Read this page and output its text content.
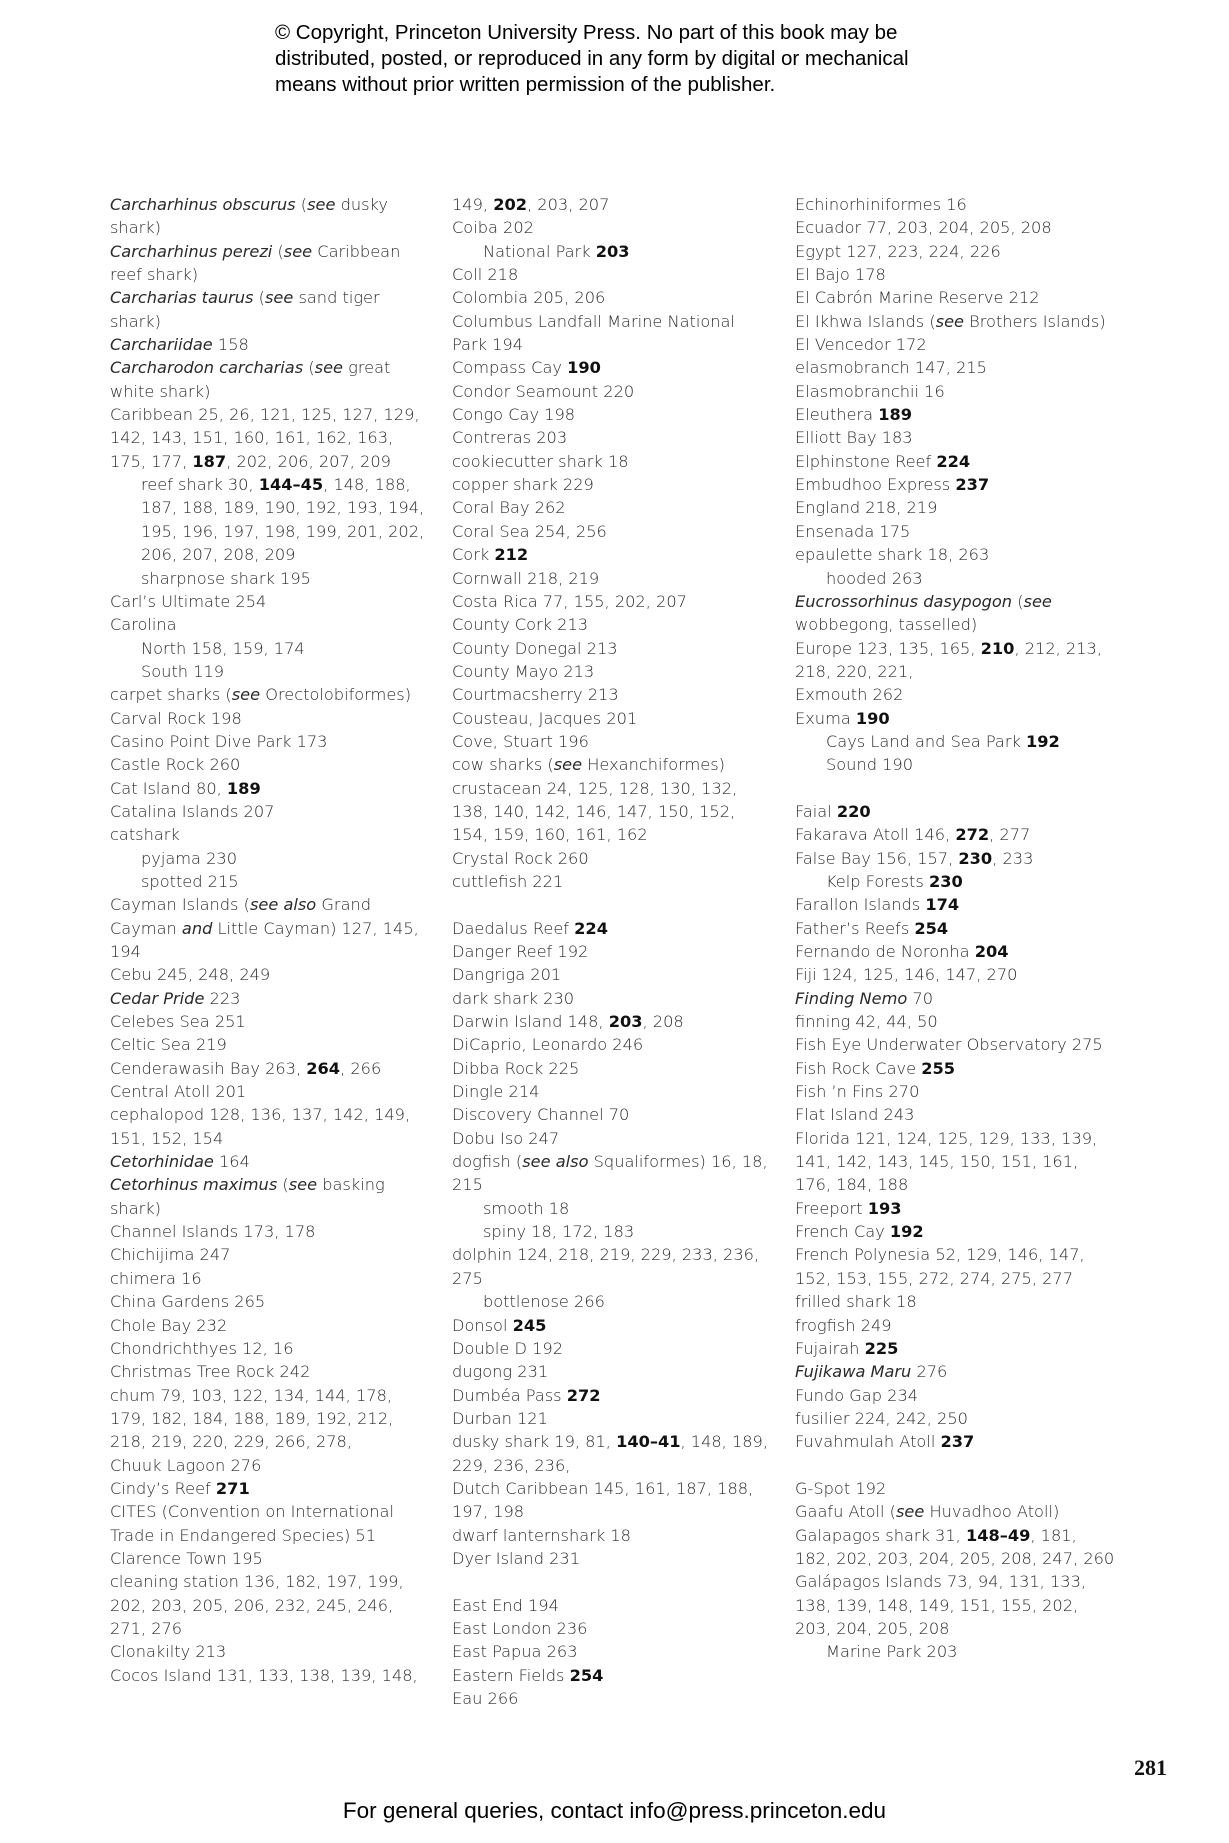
© Copyright, Princeton University Press. No part of this book may be
distributed, posted, or reproduced in any form by digital or mechanical
means without prior written permission of the publisher.
Carcharhinus obscurus (see dusky shark)
Carcharhinus perezi (see Caribbean reef shark)
Carcharias taurus (see sand tiger shark)
Carchariidae 158
Carcharodon carcharias (see great white shark)
Caribbean 25, 26, 121, 125, 127, 129, 142, 143, 151, 160, 161, 162, 163, 175, 177, 187, 202, 206, 207, 209
reef shark 30, 144–45, 148, 188, 187, 188, 189, 190, 192, 193, 194, 195, 196, 197, 198, 199, 201, 202, 206, 207, 208, 209
sharpnose shark 195
Carl’s Ultimate 254
Carolina
North 158, 159, 174
South 119
carpet sharks (see Orectolobiformes)
Carval Rock 198
Casino Point Dive Park 173
Castle Rock 260
Cat Island 80, 189
Catalina Islands 207
catshark
pyjama 230
spotted 215
Cayman Islands (see also Grand Cayman and Little Cayman) 127, 145, 194
Cebu 245, 248, 249
Cedar Pride 223
Celebes Sea 251
Celtic Sea 219
Cenderawasih Bay 263, 264, 266
Central Atoll 201
cephalopod 128, 136, 137, 142, 149, 151, 152, 154
Cetorhinidae 164
Cetorhinus maximus (see basking shark)
Channel Islands 173, 178
Chichijima 247
chimera 16
China Gardens 265
Chole Bay 232
Chondrichthyes 12, 16
Christmas Tree Rock 242
chum 79, 103, 122, 134, 144, 178, 179, 182, 184, 188, 189, 192, 212, 218, 219, 220, 229, 266, 278,
Chuuk Lagoon 276
Cindy’s Reef 271
CITES (Convention on International Trade in Endangered Species) 51
Clarence Town 195
cleaning station 136, 182, 197, 199, 202, 203, 205, 206, 232, 245, 246, 271, 276
Clonakilty 213
Cocos Island 131, 133, 138, 139, 148,
149, 202, 203, 207
Coiba 202
National Park 203
Coll 218
Colombia 205, 206
Columbus Landfall Marine National Park 194
Compass Cay 190
Condor Seamount 220
Congo Cay 198
Contreras 203
cookiecutter shark 18
copper shark 229
Coral Bay 262
Coral Sea 254, 256
Cork 212
Cornwall 218, 219
Costa Rica 77, 155, 202, 207
County Cork 213
County Donegal 213
County Mayo 213
Courtmacsherry 213
Cousteau, Jacques 201
Cove, Stuart 196
cow sharks (see Hexanchiformes)
crustacean 24, 125, 128, 130, 132, 138, 140, 142, 146, 147, 150, 152, 154, 159, 160, 161, 162
Crystal Rock 260
cuttlefish 221
Daedalus Reef 224
Danger Reef 192
Dangriga 201
dark shark 230
Darwin Island 148, 203, 208
DiCaprio, Leonardo 246
Dibba Rock 225
Dingle 214
Discovery Channel 70
Dobu Iso 247
dogfish (see also Squaliformes) 16, 18, 215
smooth 18
spiny 18, 172, 183
dolphin 124, 218, 219, 229, 233, 236, 275
bottlenose 266
Donsol 245
Double D 192
dugong 231
Dumbéa Pass 272
Durban 121
dusky shark 19, 81, 140–41, 148, 189, 229, 236, 236,
Dutch Caribbean 145, 161, 187, 188, 197, 198
dwarf lanternshark 18
Dyer Island 231
East End 194
East London 236
East Papua 263
Eastern Fields 254
Eau 266
Echinorhiniformes 16
Ecuador 77, 203, 204, 205, 208
Egypt 127, 223, 224, 226
El Bajo 178
El Cabrón Marine Reserve 212
El Ikhwa Islands (see Brothers Islands)
El Vencedor 172
elasmobranch 147, 215
Elasmobranchii 16
Eleuthera 189
Elliott Bay 183
Elphinstone Reef 224
Embudhoo Express 237
England 218, 219
Ensenada 175
epaulette shark 18, 263
hooded 263
Eucrossorhinus dasypogon (see wobbegong, tasselled)
Europe 123, 135, 165, 210, 212, 213, 218, 220, 221,
Exmouth 262
Exuma 190
Cays Land and Sea Park 192
Sound 190
Faial 220
Fakarava Atoll 146, 272, 277
False Bay 156, 157, 230, 233
Kelp Forests 230
Farallon Islands 174
Father’s Reefs 254
Fernando de Noronha 204
Fiji 124, 125, 146, 147, 270
Finding Nemo 70
finning 42, 44, 50
Fish Eye Underwater Observatory 275
Fish Rock Cave 255
Fish ’n Fins 270
Flat Island 243
Florida 121, 124, 125, 129, 133, 139, 141, 142, 143, 145, 150, 151, 161, 176, 184, 188
Freeport 193
French Cay 192
French Polynesia 52, 129, 146, 147, 152, 153, 155, 272, 274, 275, 277
frilled shark 18
frogfish 249
Fujairah 225
Fujikawa Maru 276
Fundo Gap 234
fusilier 224, 242, 250
Fuvahmulah Atoll 237
G-Spot 192
Gaafu Atoll (see Huvadhoo Atoll)
Galapagos shark 31, 148–49, 181, 182, 202, 203, 204, 205, 208, 247, 260
Galápagos Islands 73, 94, 131, 133, 138, 139, 148, 149, 151, 155, 202, 203, 204, 205, 208
Marine Park 203
281
For general queries, contact info@press.princeton.edu
